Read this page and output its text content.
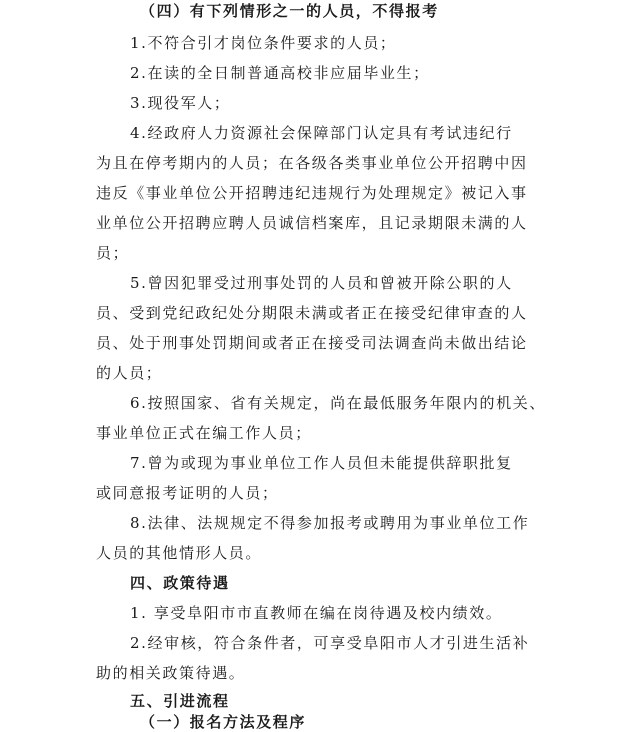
（四）有下列情形之一的人员，不得报考
1.不符合引才岗位条件要求的人员；
2.在读的全日制普通高校非应届毕业生；
3.现役军人；
4.经政府人力资源社会保障部门认定具有考试违纪行
为且在停考期内的人员；在各级各类事业单位公开招聘中因
违反《事业单位公开招聘违纪违规行为处理规定》被记入事
业单位公开招聘应聘人员诚信档案库，且记录期限未满的人
员；
5.曾因犯罪受过刑事处罚的人员和曾被开除公职的人
员、受到党纪政纪处分期限未满或者正在接受纪律审查的人
员、处于刑事处罚期间或者正在接受司法调查尚未做出结论
的人员；
6.按照国家、省有关规定，尚在最低服务年限内的机关、
事业单位正式在编工作人员；
7.曾为或现为事业单位工作人员但未能提供辞职批复
或同意报考证明的人员；
8.法律、法规规定不得参加报考或聘用为事业单位工作
人员的其他情形人员。
四、政策待遇
1. 享受阜阳市市直教师在编在岗待遇及校内绩效。
2.经审核，符合条件者，可享受阜阳市人才引进生活补
助的相关政策待遇。
五、引进流程
（一）报名方法及程序
